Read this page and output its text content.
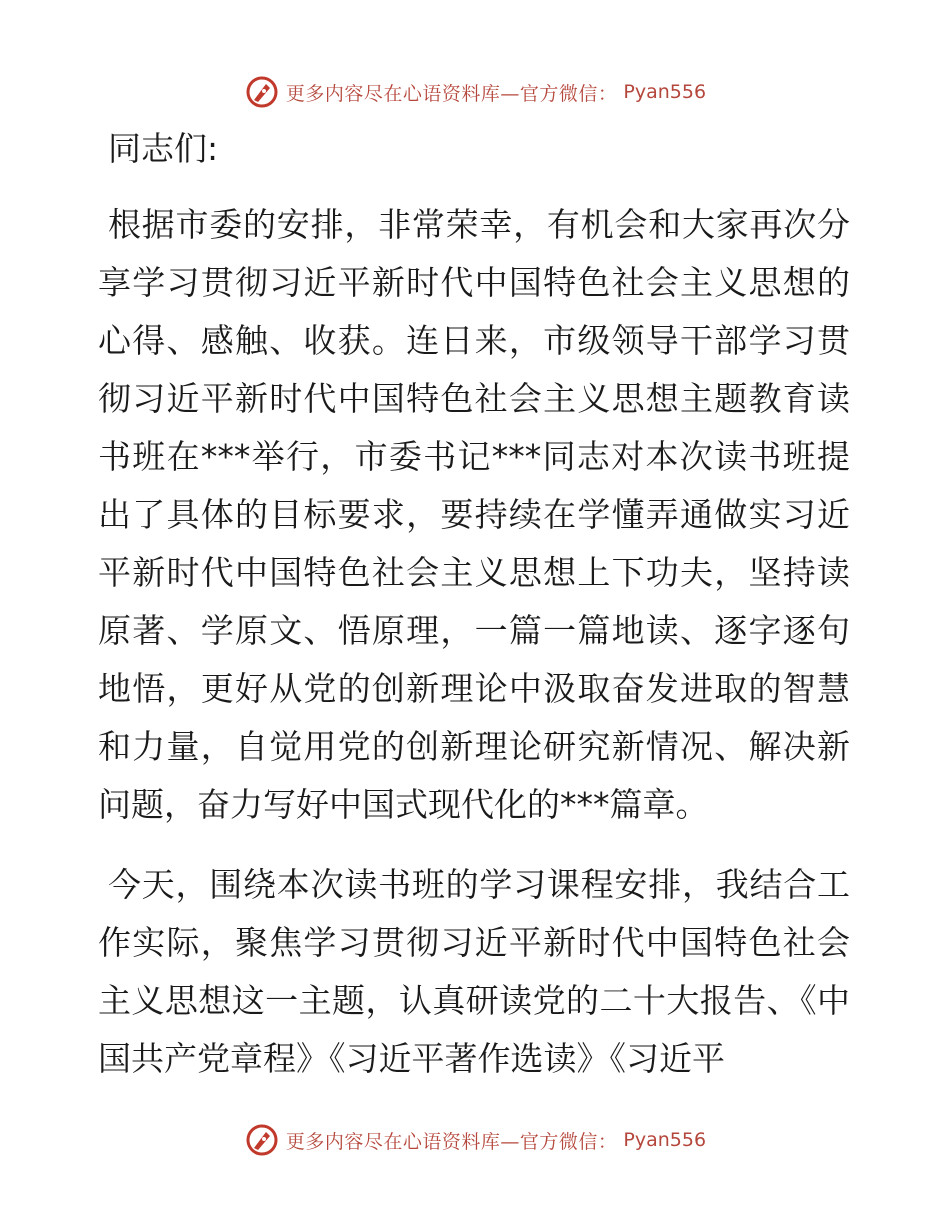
更多内容尽在心语资料库—官方微信： Pyan556

同志们:

根据市委的安排，非常荣幸，有机会和大家再次分享学习贯彻习近平新时代中国特色社会主义思想的心得、感触、收获。连日来，市级领导干部学习贯彻习近平新时代中国特色社会主义思想主题教育读书班在***举行，市委书记***同志对本次读书班提出了具体的目标要求，要持续在学懂弄通做实习近平新时代中国特色社会主义思想上下功夫，坚持读原著、学原文、悟原理，一篇一篇地读、逐字逐句地悟，更好从党的创新理论中汲取奋发进取的智慧和力量，自觉用党的创新理论研究新情况、解决新问题，奋力写好中国式现代化的***篇章。

今天，围绕本次读书班的学习课程安排，我结合工作实际，聚焦学习贯彻习近平新时代中国特色社会主义思想这一主题，认真研读党的二十大报告、《中国共产党章程》《习近平著作选读》《习近平

更多内容尽在心语资料库—官方微信： Pyan556
